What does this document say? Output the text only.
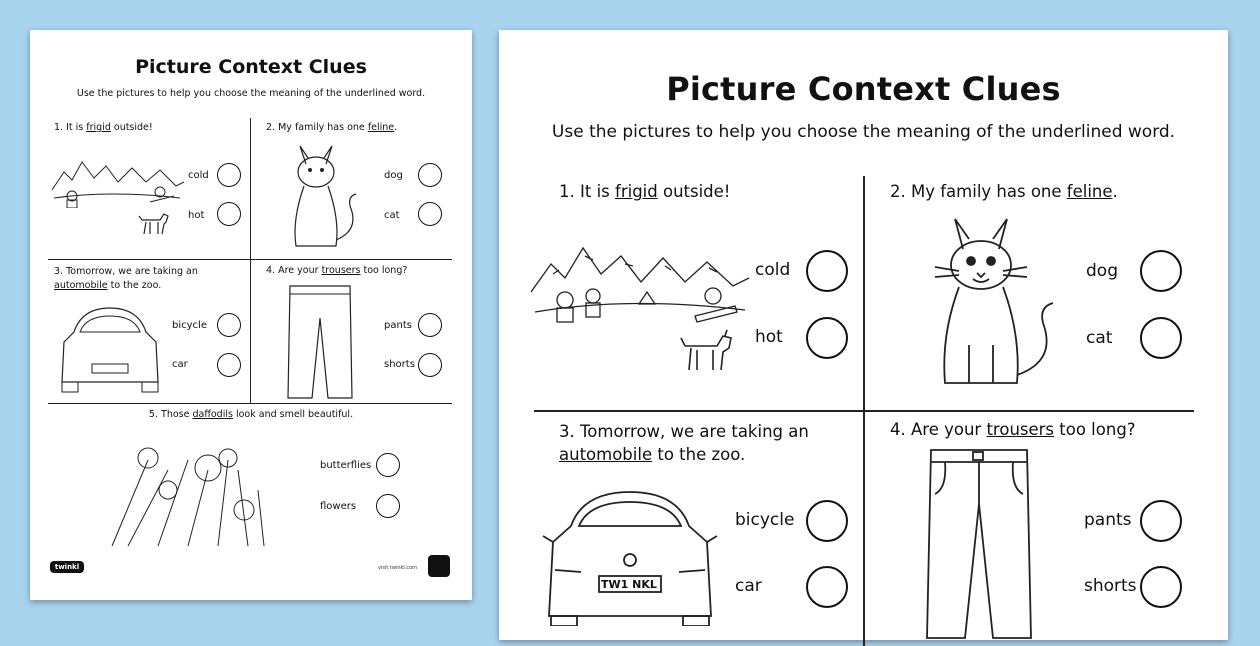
Picture Context Clues
Use the pictures to help you choose the meaning of the underlined word.
1. It is frigid outside!
cold
hot
2. My family has one feline.
dog
cat
3. Tomorrow, we are taking an
automobile to the zoo.
bicycle
car
4. Are your trousers too long?
pants
shorts
5. Those daffodils look and smell beautiful.
butterflies
flowers
twinkl	visit twinkl.com
Picture Context Clues
Use the pictures to help you choose the meaning of the underlined word.
1. It is frigid outside!
cold
hot
2. My family has one feline.
dog
cat
3. Tomorrow, we are taking an
automobile to the zoo.
TW1 NKL
bicycle
car
4. Are your trousers too long?
pants
shorts
